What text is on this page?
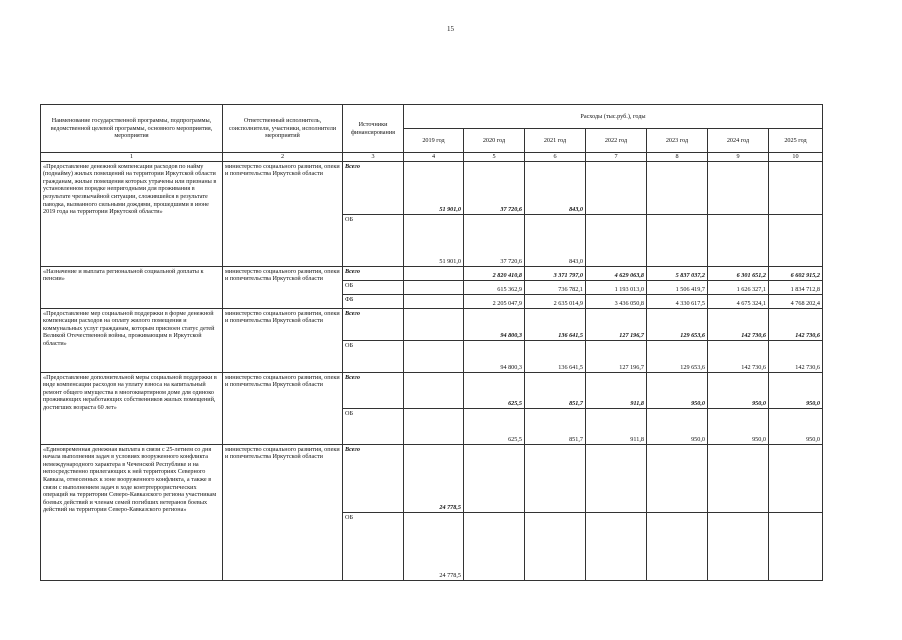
15
Наименование государственной программы, подпрограммы, ведомственной целевой программы, основного мероприятия, мероприятия	Ответственный исполнитель, соисполнители, участники, исполнители мероприятий	Источники финансирования	Расходы (тыс.руб.), годы						
			2019 год	2020 год	2021 год	2022 год	2023 год	2024 год	2025 год
1	2	3	4	5	6	7	8	9	10

«Предоставление денежной компенсации расходов по найму (поднайму) жилых помещений на территории Иркутской области гражданам, жилые помещения которых утрачены или признаны в установленном порядке непригодными для проживания в результате чрезвычайной ситуации, сложившейся в результате паводка, вызванного сильными дождями, прошедшими в июне 2019 года на территории Иркутской области»	министерство социального развития, опеки и попечительства Иркутской области	Всего	51 901,0	37 720,6	843,0				
		ОБ	51 901,0	37 720,6	843,0				

«Назначение и выплата региональной социальной доплаты к пенсии»	министерство социального развития, опеки и попечительства Иркутской области	Всего		2 820 410,8	3 371 797,0	4 629 063,8	5 837 037,2	6 301 651,2	6 602 915,2
		ОБ		615 362,9	736 782,1	1 193 013,0	1 506 419,7	1 626 327,1	1 834 712,8
		ФБ		2 205 047,9	2 635 014,9	3 436 050,8	4 330 617,5	4 675 324,1	4 768 202,4

«Предоставление мер социальной поддержки в форме денежной компенсации расходов на оплату жилого помещения и коммунальных услуг гражданам, которым присвоен статус детей Великой Отечественной войны, проживающим в Иркутской области»	министерство социального развития, опеки и попечительства Иркутской области	Всего		94 800,3	136 641,5	127 196,7	129 653,6	142 730,6	142 730,6
		ОБ		94 800,3	136 641,5	127 196,7	129 653,6	142 730,6	142 730,6

«Предоставление дополнительной меры социальной поддержки в виде компенсации расходов на уплату взноса на капитальный ремонт общего имущества в многоквартирном доме для одиноко проживающих неработающих собственников жилых помещений, достигших возраста 60 лет»	министерство социального развития, опеки и попечительства Иркутской области	Всего		625,5	851,7	911,8	950,0	950,0	950,0
		ОБ		625,5	851,7	911,8	950,0	950,0	950,0

«Единовременная денежная выплата в связи с 25-летием со дня начала выполнения задач в условиях вооруженного конфликта немеждународного характера в Чеченской Республике и на непосредственно прилегающих к ней территориях Северного Кавказа, отнесенных к зоне вооруженного конфликта, а также в связи с выполнением задач в ходе контртеррористических операций на территории Северо-Кавказского региона участникам боевых действий и членам семей погибших ветеранов боевых действий на территории Северо-Кавказского региона»	министерство социального развития, опеки и попечительства Иркутской области	Всего	24 778,5						
		ОБ	24 778,5						
